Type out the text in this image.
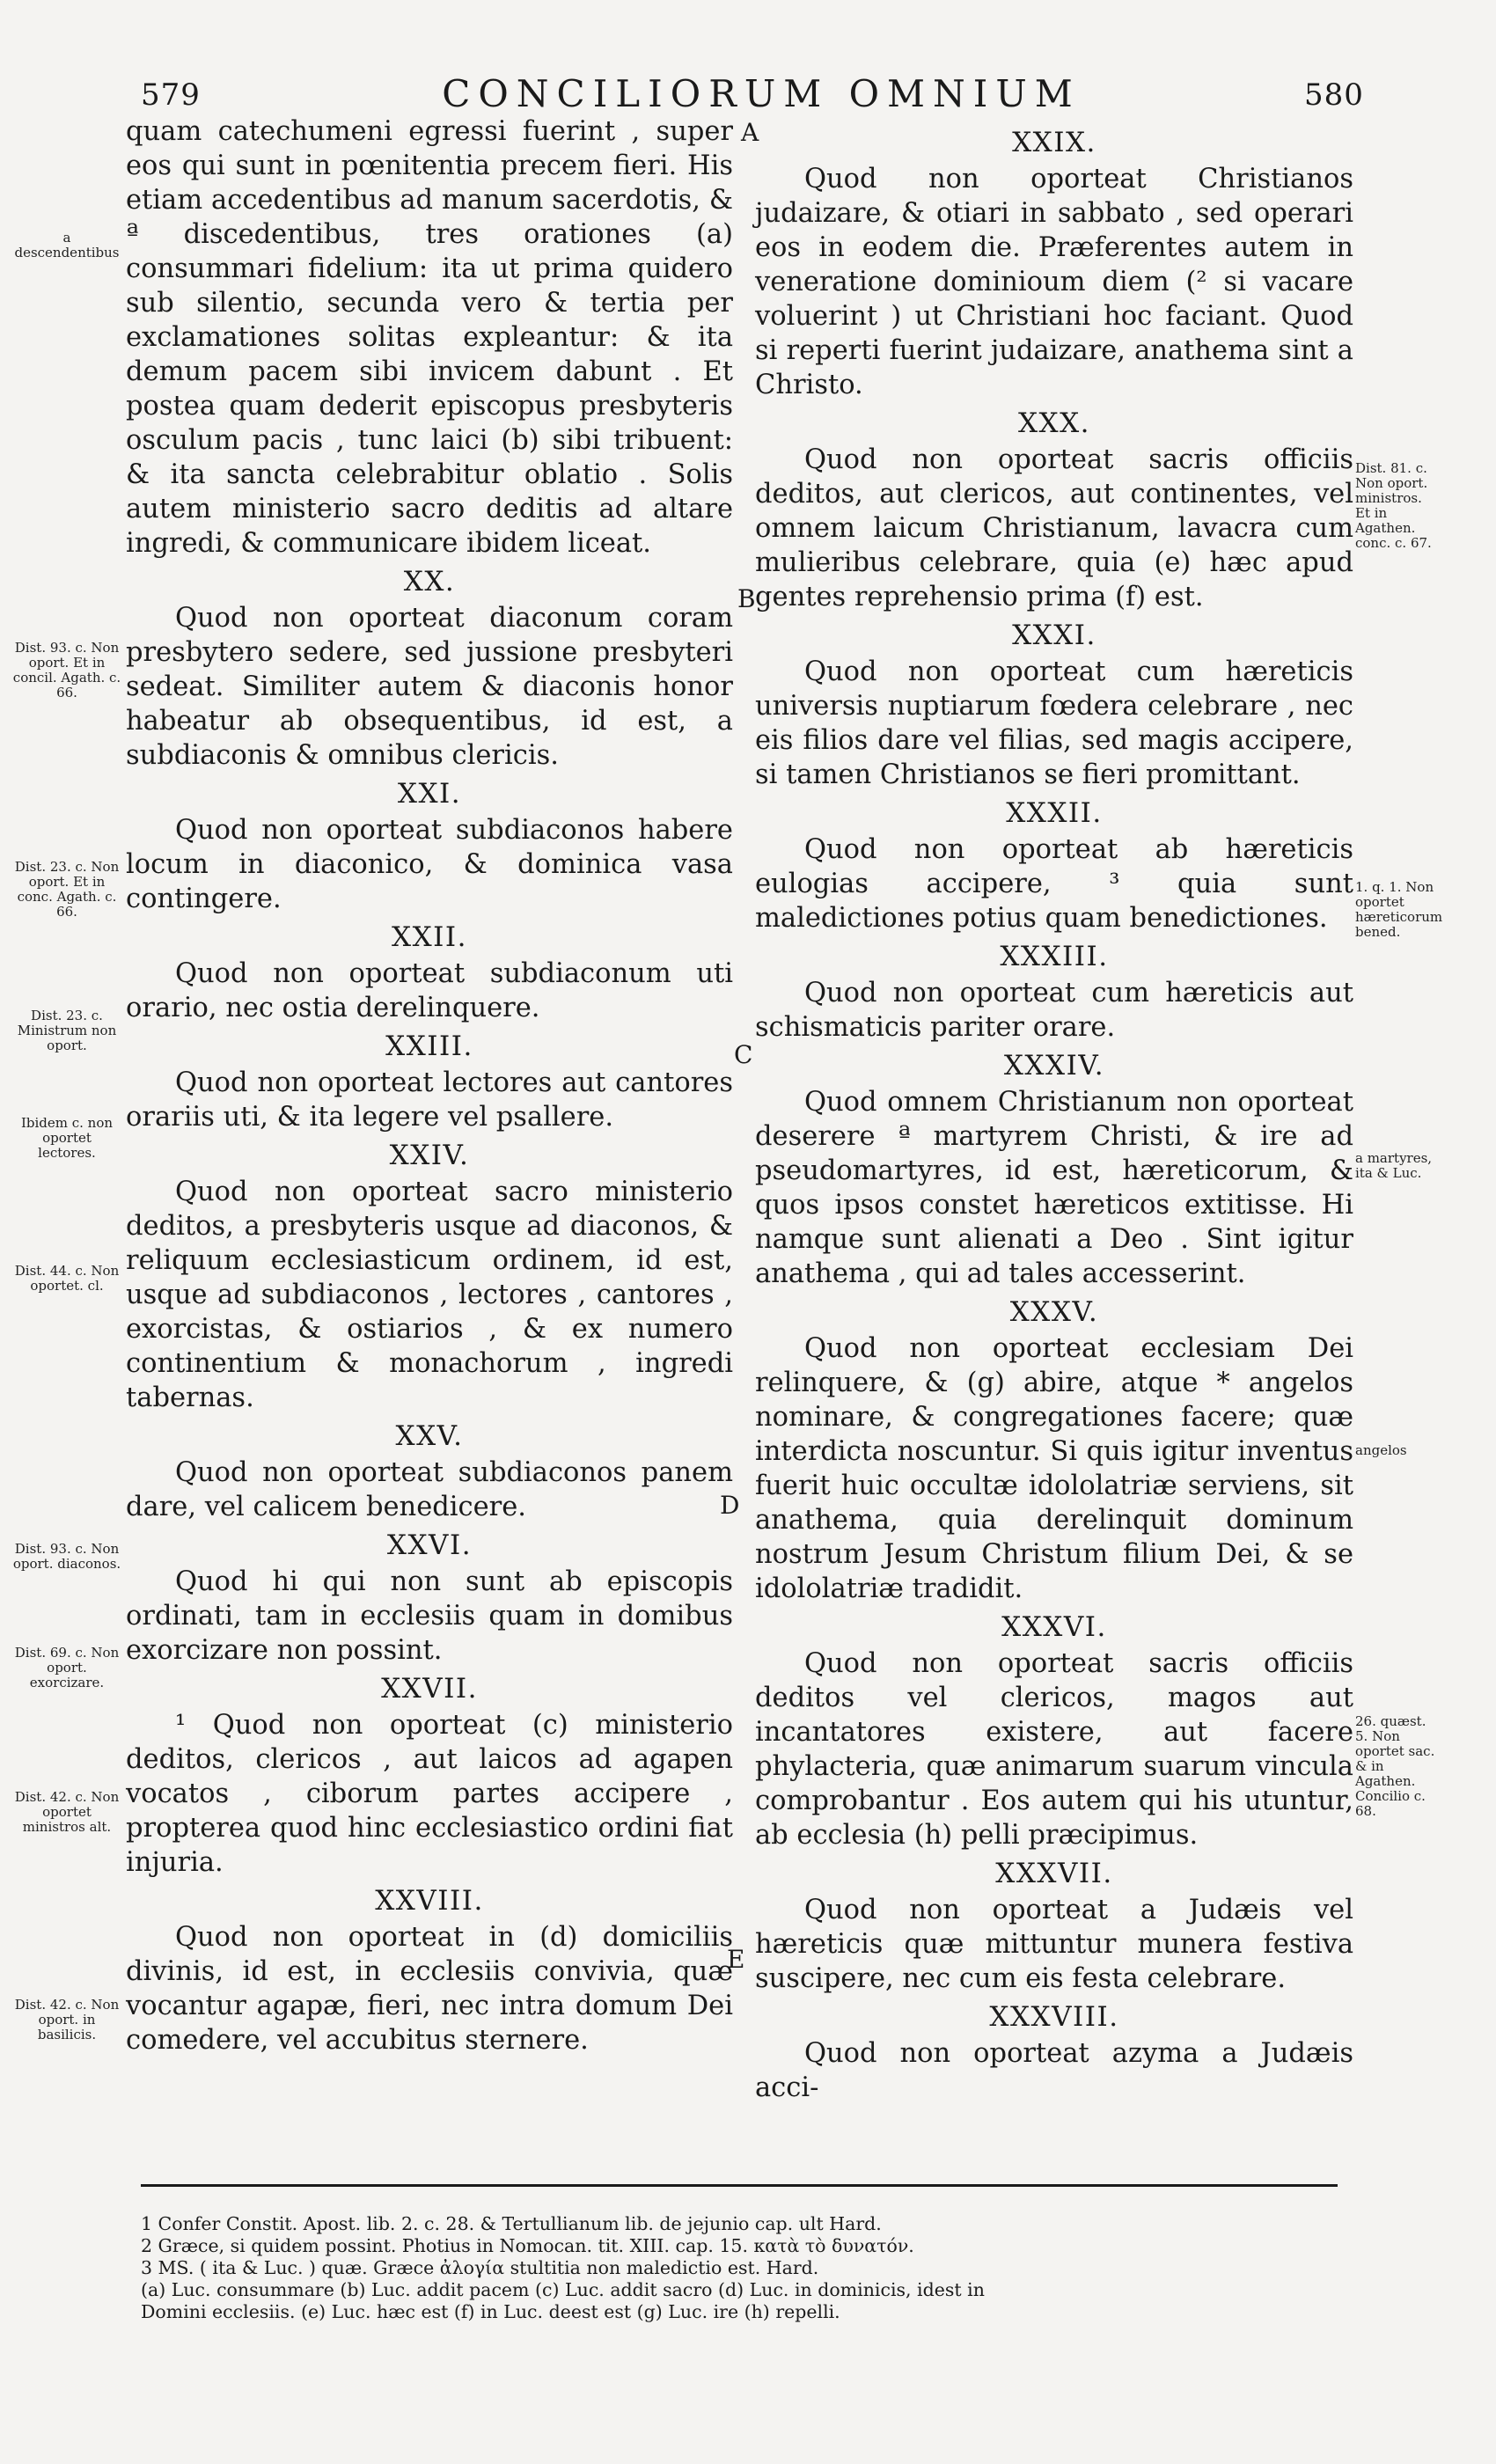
579	CONCILIORUM OMNIUM	580

quam catechumeni egressi fuerint , super eos qui sunt in pœnitentia precem fieri. His etiam accedentibus ad manum sacerdotis, & ª discedentibus, tres orationes (a) consummari fidelium: ita ut prima quidero sub silentio, secunda vero & tertia per exclamationes solitas expleantur: & ita demum pacem sibi invicem dabunt . Et postea quam dederit episcopus presbyteris osculum pacis , tunc laici (b) sibi tribuent: & ita sancta celebrabitur oblatio . Solis autem ministerio sacro deditis ad altare ingredi, & communicare ibidem liceat.

XX.

Quod non oporteat diaconum coram presbytero sedere, sed jussione presbyteri sedeat. Similiter autem & diaconis honor habeatur ab obsequentibus, id est, a subdiaconis & omnibus clericis.

XXI.

Quod non oporteat subdiaconos habere locum in diaconico, & dominica vasa contingere.

XXII.

Quod non oporteat subdiaconum uti orario, nec ostia derelinquere.

XXIII.

Quod non oporteat lectores aut cantores orariis uti, & ita legere vel psallere.

XXIV.

Quod non oporteat sacro ministerio deditos, a presbyteris usque ad diaconos, & reliquum ecclesiasticum ordinem, id est, usque ad subdiaconos , lectores , cantores , exorcistas, & ostiarios , & ex numero continentium & monachorum , ingredi tabernas.

XXV.

Quod non oporteat subdiaconos panem dare, vel calicem benedicere.

XXVI.

Quod hi qui non sunt ab episcopis ordinati, tam in ecclesiis quam in domibus exorcizare non possint.

XXVII.

¹ Quod non oporteat (c) ministerio deditos, clericos , aut laicos ad agapen vocatos , ciborum partes accipere , propterea quod hinc ecclesiastico ordini fiat injuria.

XXVIII.

Quod non oporteat in (d) domiciliis divinis, id est, in ecclesiis convivia, quæ vocantur agapæ, fieri, nec intra domum Dei comedere, vel accubitus sternere.

XXIX.

Quod non oporteat Christianos judaizare, & otiari in sabbato , sed operari eos in eodem die. Præferentes autem in veneratione dominioum diem (² si vacare voluerint ) ut Christiani hoc faciant. Quod si reperti fuerint judaizare, anathema sint a Christo.

XXX.

Quod non oporteat sacris officiis deditos, aut clericos, aut continentes, vel omnem laicum Christianum, lavacra cum mulieribus celebrare, quia (e) hæc apud gentes reprehensio prima (f) est.

XXXI.

Quod non oporteat cum hæreticis universis nuptiarum fœdera celebrare , nec eis filios dare vel filias, sed magis accipere, si tamen Christianos se fieri promittant.

XXXII.

Quod non oporteat ab hæreticis eulogias accipere, ³ quia sunt maledictiones potius quam benedictiones.

XXXIII.

Quod non oporteat cum hæreticis aut schismaticis pariter orare.

XXXIV.

Quod omnem Christianum non oporteat deserere ª martyrem Christi, & ire ad pseudomartyres, id est, hæreticorum, & quos ipsos constet hæreticos extitisse. Hi namque sunt alienati a Deo . Sint igitur anathema , qui ad tales accesserint.

XXXV.

Quod non oporteat ecclesiam Dei relinquere, & (g) abire, atque * angelos nominare, & congregationes facere; quæ interdicta noscuntur. Si quis igitur inventus fuerit huic occultæ idololatriæ serviens, sit anathema, quia derelinquit dominum nostrum Jesum Christum filium Dei, & se idololatriæ tradidit.

XXXVI.

Quod non oporteat sacris officiis deditos vel clericos, magos aut incantatores existere, aut facere phylacteria, quæ animarum suarum vincula comprobantur . Eos autem qui his utuntur, ab ecclesia (h) pelli præcipimus.

XXXVII.

Quod non oporteat a Judæis vel hæreticis quæ mittuntur munera festiva suscipere, nec cum eis festa celebrare.

XXXVIII.

Quod non oporteat azyma a Judæis acci-

a descendentibus
Dist. 93. c. Non oport. Et in concil. Agath. c. 66.
Dist. 23. c. Non oport. Et in conc. Agath. c. 66.
Dist. 23. c. Ministrum non oport.
Ibidem c. non oportet lectores.
Dist. 44. c. Non oportet. cl.
Dist. 93. c. Non oport. diaconos.
Dist. 69. c. Non oport. exorcizare.
Dist. 42. c. Non oportet ministros alt.
Dist. 42. c. Non oport. in basilicis.
Dist. 81. c. Non oport. ministros. Et in Agathen. conc. c. 67.
1. q. 1. Non oportet hæreticorum bened.
a martyres, ita & Luc.
angelos
26. quæst. 5. Non oportet sac. & in Agathen. Concilio c. 68.
A
B
C
D
E
1 Confer Constit. Apost. lib. 2. c. 28. & Tertullianum lib. de jejunio cap. ult Hard.
2 Græce, si quidem possint. Photius in Nomocan. tit. XIII. cap. 15. κατὰ τὸ δυνατόν.
3 MS. ( ita & Luc. ) quæ. Græce ἀλογία stultitia non maledictio est. Hard.
(a) Luc. consummare (b) Luc. addit pacem (c) Luc. addit sacro (d) Luc. in dominicis, idest in
Domini ecclesiis. (e) Luc. hæc est (f) in Luc. deest est (g) Luc. ire (h) repelli.
